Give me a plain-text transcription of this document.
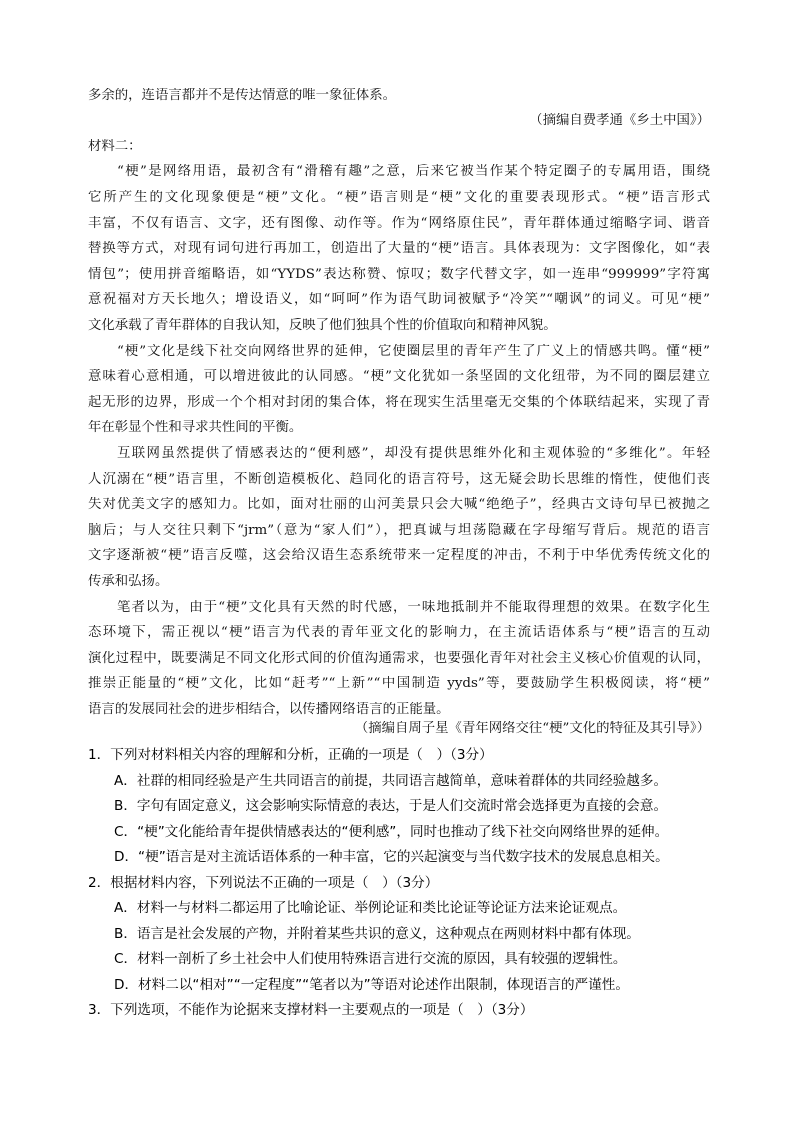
多余的，连语言都并不是传达情意的唯一象征体系。
（摘编自费孝通《乡土中国》）
材料二：
“梗”是网络用语，最初含有“滑稽有趣”之意，后来它被当作某个特定圈子的专属用语，围绕
它所产生的文化现象便是“梗”文化。“梗”语言则是“梗”文化的重要表现形式。“梗”语言形式
丰富，不仅有语言、文字，还有图像、动作等。作为“网络原住民”，青年群体通过缩略字词、谐音
替换等方式，对现有词句进行再加工，创造出了大量的“梗”语言。具体表现为：文字图像化，如“表
情包”；使用拼音缩略语，如“YYDS”表达称赞、惊叹；数字代替文字，如一连串“999999”字符寓
意祝福对方天长地久；增设语义，如“呵呵”作为语气助词被赋予“冷笑”“嘲讽”的词义。可见“梗”
文化承载了青年群体的自我认知，反映了他们独具个性的价值取向和精神风貌。
“梗”文化是线下社交向网络世界的延伸，它使圈层里的青年产生了广义上的情感共鸣。懂“梗”
意味着心意相通，可以增进彼此的认同感。“梗”文化犹如一条坚固的文化纽带，为不同的圈层建立
起无形的边界，形成一个个相对封闭的集合体，将在现实生活里毫无交集的个体联结起来，实现了青
年在彰显个性和寻求共性间的平衡。
互联网虽然提供了情感表达的“便利感”，却没有提供思维外化和主观体验的“多维化”。年轻
人沉溺在“梗”语言里，不断创造模板化、趋同化的语言符号，这无疑会助长思维的惰性，使他们丧
失对优美文字的感知力。比如，面对壮丽的山河美景只会大喊“绝绝子”，经典古文诗句早已被抛之
脑后；与人交往只剩下“jrm”（意为“家人们”），把真诚与坦荡隐藏在字母缩写背后。规范的语言
文字逐渐被“梗”语言反噬，这会给汉语生态系统带来一定程度的冲击，不利于中华优秀传统文化的
传承和弘扬。
笔者以为，由于“梗”文化具有天然的时代感，一味地抵制并不能取得理想的效果。在数字化生
态环境下，需正视以“梗”语言为代表的青年亚文化的影响力，在主流话语体系与“梗”语言的互动
演化过程中，既要满足不同文化形式间的价值沟通需求，也要强化青年对社会主义核心价值观的认同，
推崇正能量的“梗”文化，比如“赶考”“上新”“中国制造 yyds”等，要鼓励学生积极阅读，将“梗”
语言的发展同社会的进步相结合，以传播网络语言的正能量。
（摘编自周子星《青年网络交往“梗”文化的特征及其引导》）
1．下列对材料相关内容的理解和分析，正确的一项是（　）（3分）
A．社群的相同经验是产生共同语言的前提，共同语言越简单，意味着群体的共同经验越多。
B．字句有固定意义，这会影响实际情意的表达，于是人们交流时常会选择更为直接的会意。
C．“梗”文化能给青年提供情感表达的“便利感”，同时也推动了线下社交向网络世界的延伸。
D．“梗”语言是对主流话语体系的一种丰富，它的兴起演变与当代数字技术的发展息息相关。
2．根据材料内容，下列说法不正确的一项是（　）（3分）
A．材料一与材料二都运用了比喻论证、举例论证和类比论证等论证方法来论证观点。
B．语言是社会发展的产物，并附着某些共识的意义，这种观点在两则材料中都有体现。
C．材料一剖析了乡土社会中人们使用特殊语言进行交流的原因，具有较强的逻辑性。
D．材料二以“相对”“一定程度”“笔者以为”等语对论述作出限制，体现语言的严谨性。
3．下列选项，不能作为论据来支撑材料一主要观点的一项是（　）（3分）
